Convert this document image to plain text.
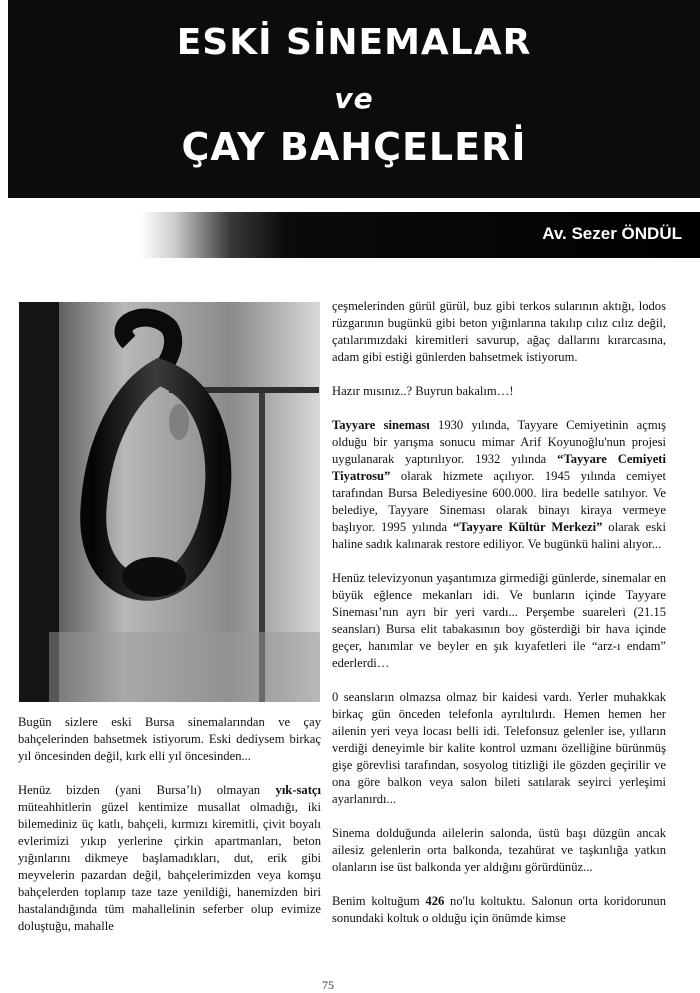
ESKİ SİNEMALAR
ve
ÇAY BAHÇELERİ
Av. Sezer ÖNDÜL

Bugün sizlere eski Bursa sinemalarından ve çay bahçelerinden bahsetmek istiyorum. Eski dediysem birkaç yıl öncesinden değil, kırk elli yıl öncesinden...

Henüz bizden (yani Bursa’lı) olmayan yık-satçı müteahhitlerin güzel kentimize musallat olmadığı, iki bilemediniz üç katlı, bahçeli, kırmızı kiremitli, çivit boyalı evlerimizi yıkıp yerlerine çirkin apartmanları, beton yığınlarını dikmeye başlamadıkları, dut, erik gibi meyvelerin pazardan değil, bahçelerimizden veya komşu bahçelerden toplanıp taze taze yenildiği, hanemizden biri hastalandığında tüm mahallelinin seferber olup evimize doluştuğu, mahalle

çeşmelerinden gürül gürül, buz gibi terkos sularının aktığı, lodos rüzgarının bugünkü gibi beton yığınlarına takılıp cılız cılız değil, çatılarımızdaki kiremitleri savurup, ağaç dallarını kırarcasına, adam gibi estiği günlerden bahsetmek istiyorum.

Hazır mısınız..? Buyrun bakalım…!

Tayyare sineması 1930 yılında, Tayyare Cemiyetinin açmış olduğu bir yarışma sonucu mimar Arif Koyunoğlu'nun projesi uygulanarak yaptırılıyor. 1932 yılında “Tayyare Cemiyeti Tiyatrosu” olarak hizmete açılıyor. 1945 yılında cemiyet tarafından Bursa Belediyesine 600.000. lira bedelle satılıyor. Ve belediye, Tayyare Sineması olarak binayı kiraya vermeye başlıyor. 1995 yılında “Tayyare Kültür Merkezi” olarak eski haline sadık kalınarak restore ediliyor. Ve bugünkü halini alıyor...

Henüz televizyonun yaşantımıza girmediği günlerde, sinemalar en büyük eğlence mekanları idi. Ve bunların içinde Tayyare Sineması’nın ayrı bir yeri vardı... Perşembe suareleri (21.15 seansları) Bursa elit tabakasının boy gösterdiği bir hava içinde geçer, hanımlar ve beyler en şık kıyafetleri ile “arz-ı endam” ederlerdi…

0 seansların olmazsa olmaz bir kaidesi vardı. Yerler muhakkak birkaç gün önceden telefonla ayrıltılırdı. Hemen hemen her ailenin yeri veya locası belli idi. Telefonsuz gelenler ise, yılların verdiği deneyimle bir kalite kontrol uzmanı özelliğine bürünmüş gişe görevlisi tarafından, sosyolog titizliği ile gözden geçirilir ve ona göre balkon veya salon bileti satılarak seyirci yerleşimi ayarlanırdı...

Sinema dolduğunda ailelerin salonda, üstü başı düzgün ancak ailesiz gelenlerin orta balkonda, tezahürat ve taşkınlığa yatkın olanların ise üst balkonda yer aldığını görürdünüz...

Benim koltuğum 426 no'lu koltuktu. Salonun orta koridorunun sonundaki koltuk o olduğu için önümde kimse

75
